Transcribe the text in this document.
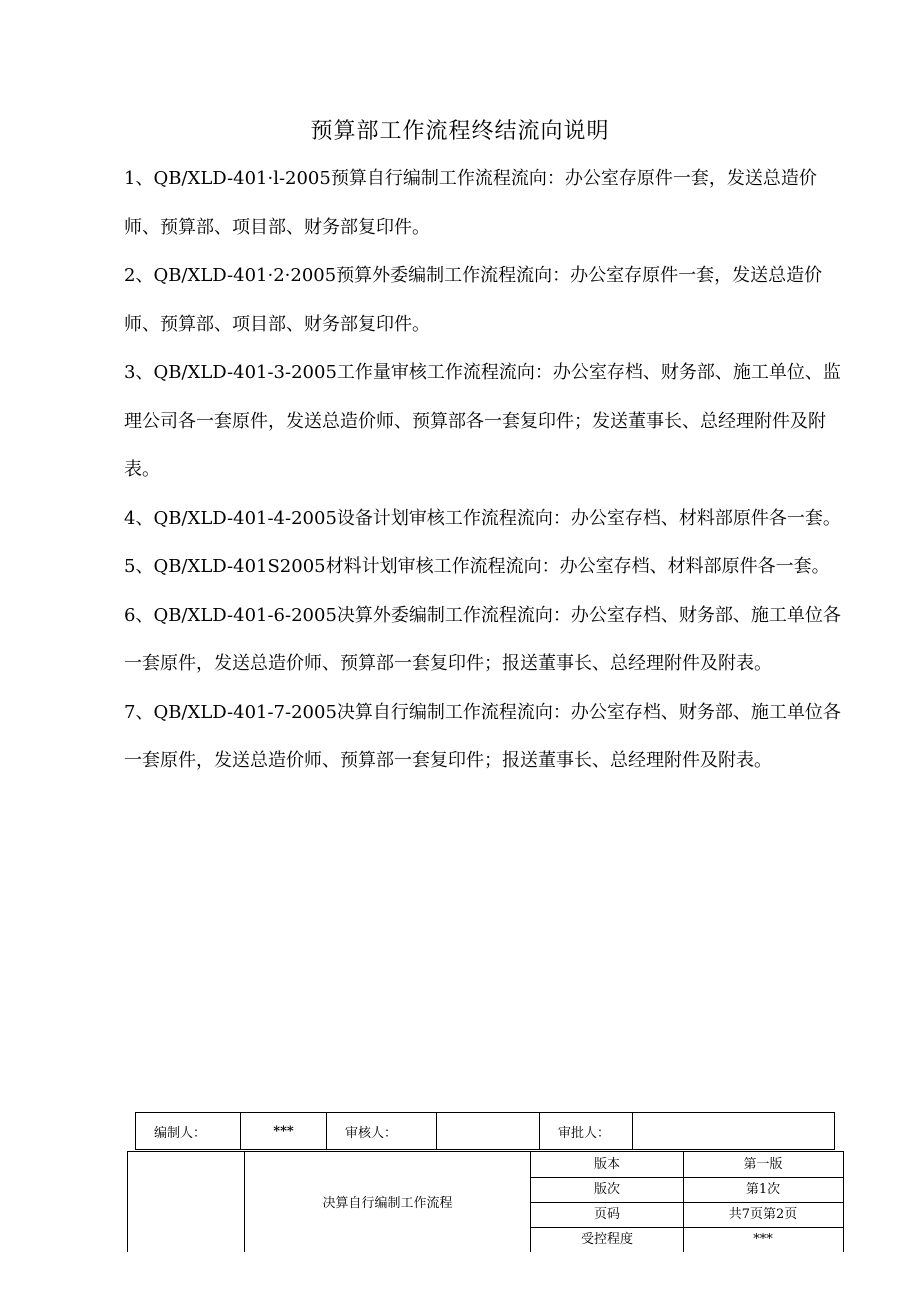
预算部工作流程终结流向说明

1、QB/XLD-401·l-2005预算自行编制工作流程流向：办公室存原件一套，发送总造价师、预算部、项目部、财务部复印件。

2、QB/XLD-401·2·2005预算外委编制工作流程流向：办公室存原件一套，发送总造价师、预算部、项目部、财务部复印件。

3、QB/XLD-401-3-2005工作量审核工作流程流向：办公室存档、财务部、施工单位、监理公司各一套原件，发送总造价师、预算部各一套复印件；发送董事长、总经理附件及附表。

4、QB/XLD-401-4-2005设备计划审核工作流程流向：办公室存档、材料部原件各一套。

5、QB/XLD-401S2005材料计划审核工作流程流向：办公室存档、材料部原件各一套。

6、QB/XLD-401-6-2005决算外委编制工作流程流向：办公室存档、财务部、施工单位各一套原件，发送总造价师、预算部一套复印件；报送董事长、总经理附件及附表。

7、QB/XLD-401-7-2005决算自行编制工作流程流向：办公室存档、财务部、施工单位各一套原件，发送总造价师、预算部一套复印件；报送董事长、总经理附件及附表。

编制人：	***	审核人：		审批人：	
决算自行编制工作流程
版本	第一版
版次	第1次
页码	共7页第2页
受控程度	***
